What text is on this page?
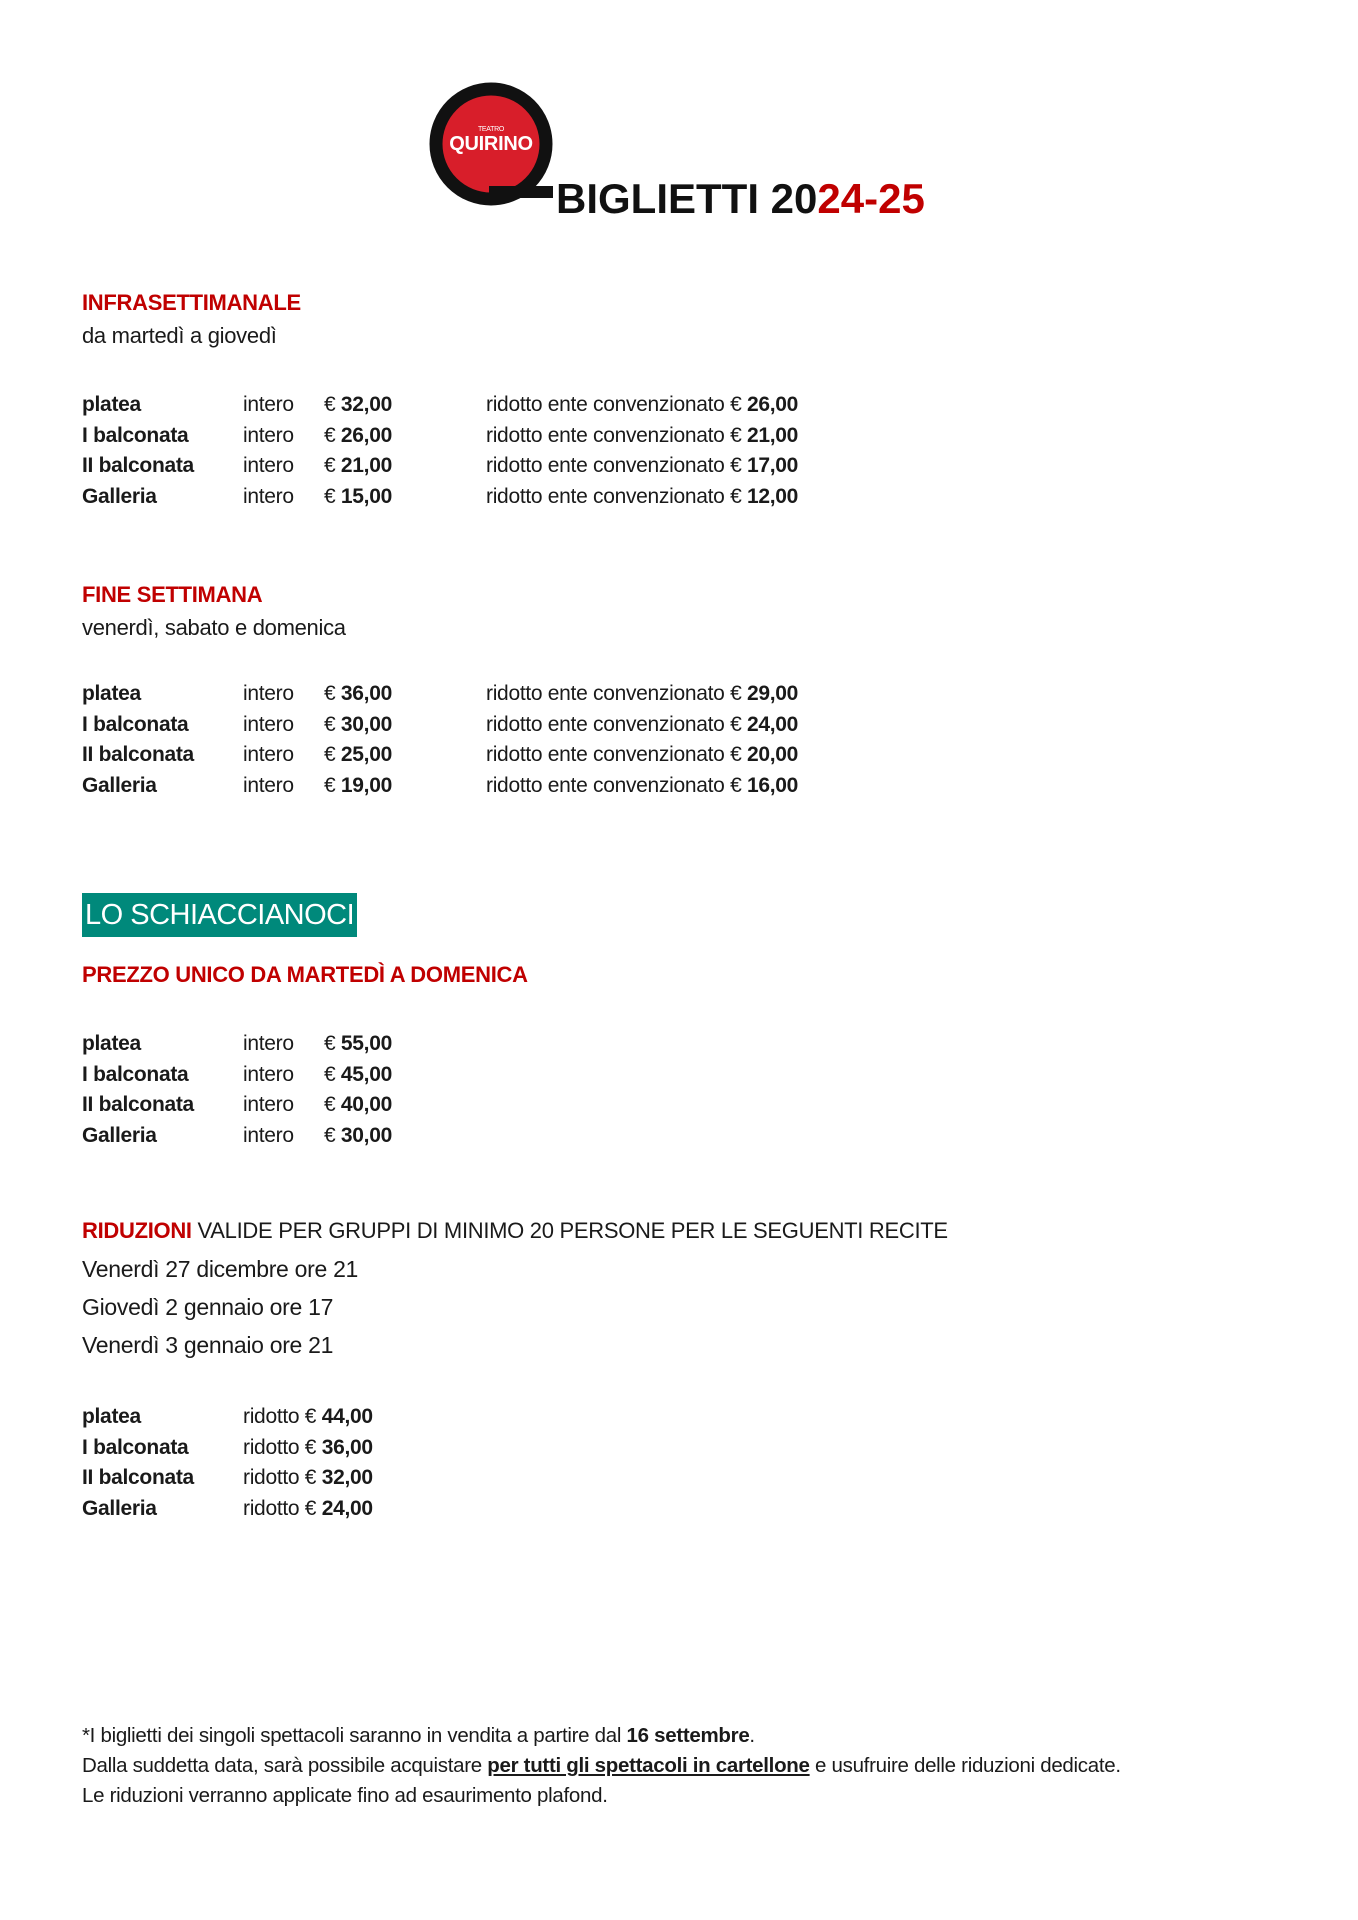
TEATRO
QUIRINO
BIGLIETTI 2024-25
INFRASETTIMANALE
da martedì a giovedì
platea	intero € 32,00	ridotto ente convenzionato € 26,00
I balconata	intero € 26,00	ridotto ente convenzionato € 21,00
II balconata intero € 21,00	ridotto ente convenzionato € 17,00
Galleria	intero € 15,00	ridotto ente convenzionato € 12,00
FINE SETTIMANA
venerdì, sabato e domenica
platea	intero € 36,00	ridotto ente convenzionato € 29,00
I balconata	intero € 30,00	ridotto ente convenzionato € 24,00
II balconata intero € 25,00	ridotto ente convenzionato € 20,00
Galleria	intero € 19,00	ridotto ente convenzionato € 16,00
LO SCHIACCIANOCI
PREZZO UNICO DA MARTEDÌ A DOMENICA
platea	intero € 55,00
I balconata	intero € 45,00
II balconata intero € 40,00
Galleria	intero € 30,00
RIDUZIONI VALIDE PER GRUPPI DI MINIMO 20 PERSONE PER LE SEGUENTI RECITE
Venerdì 27 dicembre ore 21
Giovedì 2 gennaio ore 17
Venerdì 3 gennaio ore 21
platea	ridotto € 44,00
I balconata	ridotto € 36,00
II balconata ridotto € 32,00
Galleria	ridotto € 24,00
*I biglietti dei singoli spettacoli saranno in vendita a partire dal 16 settembre.
Dalla suddetta data, sarà possibile acquistare per tutti gli spettacoli in cartellone e usufruire delle riduzioni dedicate.
Le riduzioni verranno applicate fino ad esaurimento plafond.
